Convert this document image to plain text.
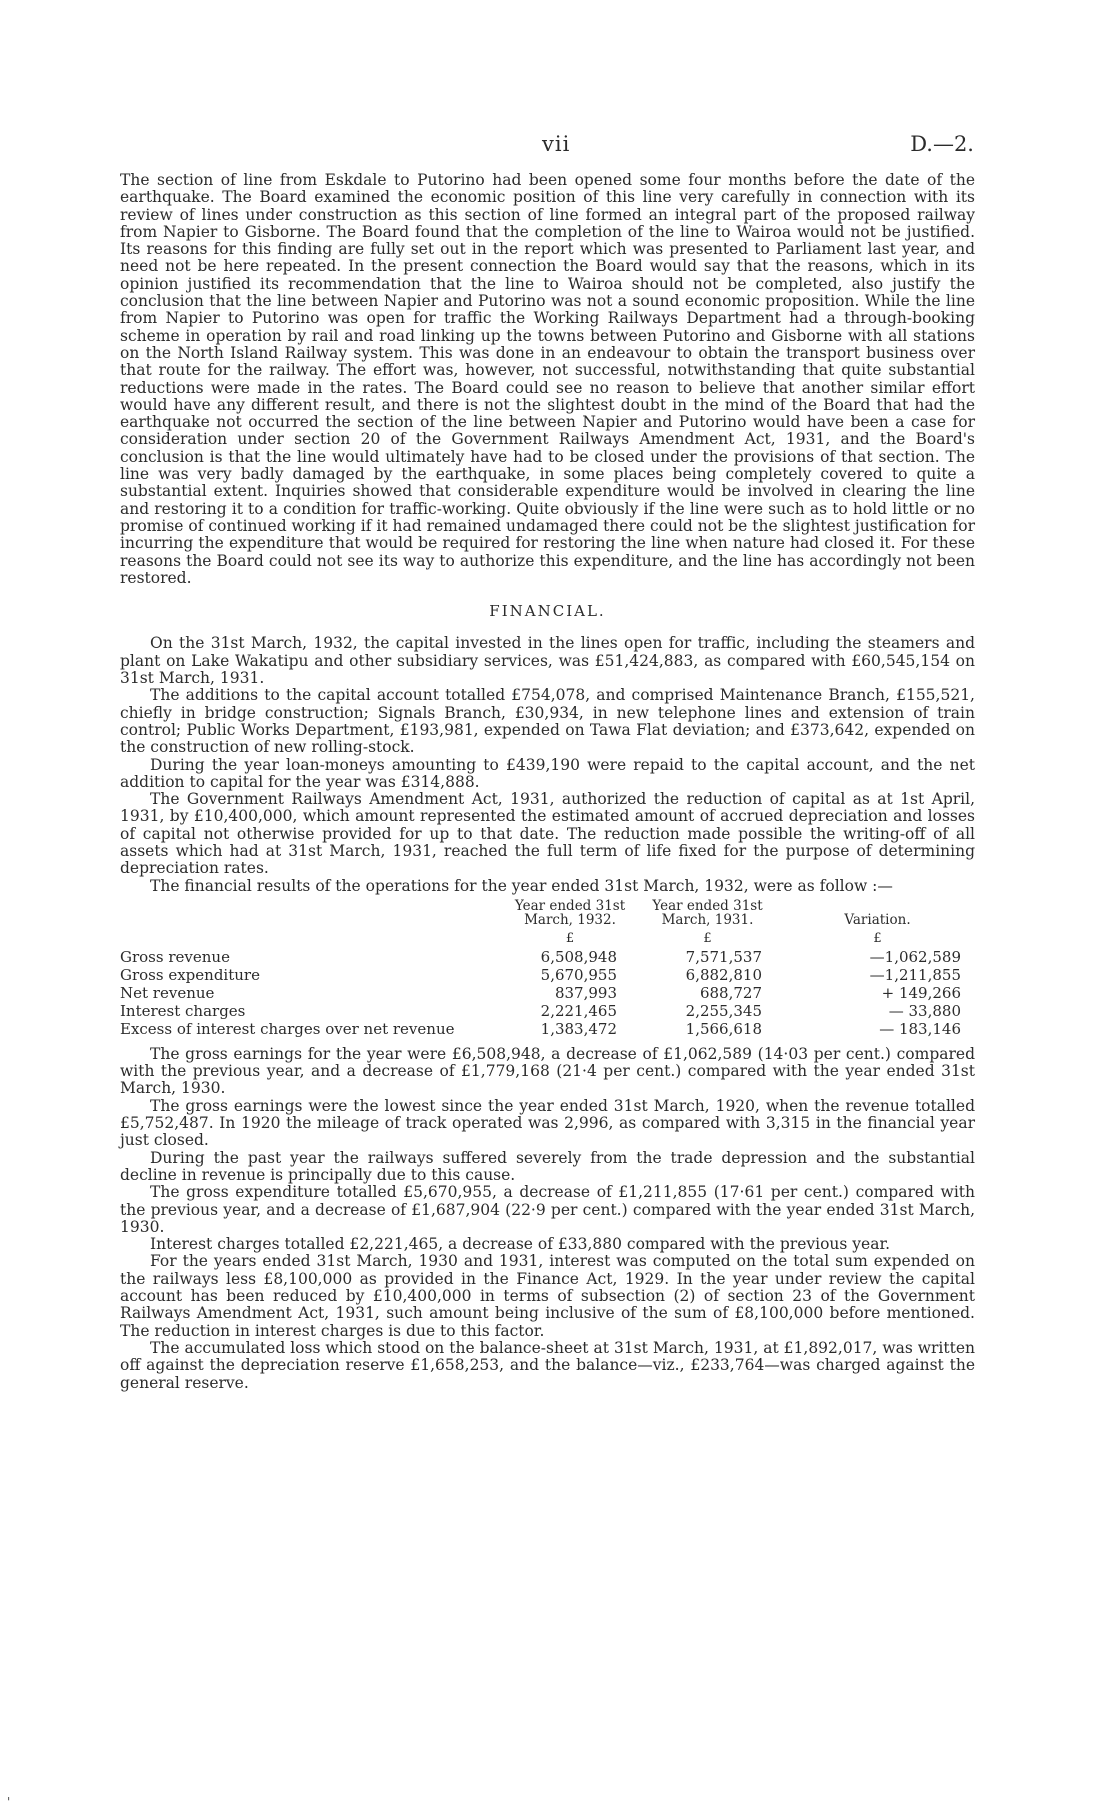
vii	D.—2.

The section of line from Eskdale to Putorino had been opened some four months before the date of the earthquake. The Board examined the economic position of this line very carefully in connection with its review of lines under construction as this section of line formed an integral part of the proposed railway from Napier to Gisborne. The Board found that the completion of the line to Wairoa would not be justified. Its reasons for this finding are fully set out in the report which was presented to Parliament last year, and need not be here repeated. In the present connection the Board would say that the reasons, which in its opinion justified its recommendation that the line to Wairoa should not be completed, also justify the conclusion that the line between Napier and Putorino was not a sound economic proposition. While the line from Napier to Putorino was open for traffic the Working Railways Department had a through-booking scheme in operation by rail and road linking up the towns between Putorino and Gisborne with all stations on the North Island Railway system. This was done in an endeavour to obtain the transport business over that route for the railway. The effort was, however, not successful, notwithstanding that quite substantial reductions were made in the rates. The Board could see no reason to believe that another similar effort would have any different result, and there is not the slightest doubt in the mind of the Board that had the earthquake not occurred the section of the line between Napier and Putorino would have been a case for consideration under section 20 of the Government Railways Amendment Act, 1931, and the Board's conclusion is that the line would ultimately have had to be closed under the provisions of that section. The line was very badly damaged by the earthquake, in some places being completely covered to quite a substantial extent. Inquiries showed that considerable expenditure would be involved in clearing the line and restoring it to a condition for traffic-working. Quite obviously if the line were such as to hold little or no promise of continued working if it had remained undamaged there could not be the slightest justification for incurring the expenditure that would be required for restoring the line when nature had closed it. For these reasons the Board could not see its way to authorize this expenditure, and the line has accordingly not been restored.

FINANCIAL.

On the 31st March, 1932, the capital invested in the lines open for traffic, including the steamers and plant on Lake Wakatipu and other subsidiary services, was £51,424,883, as compared with £60,545,154 on 31st March, 1931.

The additions to the capital account totalled £754,078, and comprised Maintenance Branch, £155,521, chiefly in bridge construction; Signals Branch, £30,934, in new telephone lines and extension of train control; Public Works Department, £193,981, expended on Tawa Flat deviation; and £373,642, expended on the construction of new rolling-stock.

During the year loan-moneys amounting to £439,190 were repaid to the capital account, and the net addition to capital for the year was £314,888.

The Government Railways Amendment Act, 1931, authorized the reduction of capital as at 1st April, 1931, by £10,400,000, which amount represented the estimated amount of accrued depreciation and losses of capital not otherwise provided for up to that date. The reduction made possible the writing-off of all assets which had at 31st March, 1931, reached the full term of life fixed for the purpose of determining depreciation rates.

The financial results of the operations for the year ended 31st March, 1932, were as follow :—

	Year ended 31st March, 1932.	Year ended 31st March, 1931.	Variation.
	£	£	£
Gross revenue	6,508,948	7,571,537	—1,062,589
Gross expenditure	5,670,955	6,882,810	—1,211,855
Net revenue	837,993	688,727	+ 149,266
Interest charges	2,221,465	2,255,345	— 33,880
Excess of interest charges over net revenue	1,383,472	1,566,618	— 183,146

The gross earnings for the year were £6,508,948, a decrease of £1,062,589 (14·03 per cent.) compared with the previous year, and a decrease of £1,779,168 (21·4 per cent.) compared with the year ended 31st March, 1930.

The gross earnings were the lowest since the year ended 31st March, 1920, when the revenue totalled £5,752,487. In 1920 the mileage of track operated was 2,996, as compared with 3,315 in the financial year just closed.

During the past year the railways suffered severely from the trade depression and the substantial decline in revenue is principally due to this cause.

The gross expenditure totalled £5,670,955, a decrease of £1,211,855 (17·61 per cent.) compared with the previous year, and a decrease of £1,687,904 (22·9 per cent.) compared with the year ended 31st March, 1930.

Interest charges totalled £2,221,465, a decrease of £33,880 compared with the previous year.

For the years ended 31st March, 1930 and 1931, interest was computed on the total sum expended on the railways less £8,100,000 as provided in the Finance Act, 1929. In the year under review the capital account has been reduced by £10,400,000 in terms of subsection (2) of section 23 of the Government Railways Amendment Act, 1931, such amount being inclusive of the sum of £8,100,000 before mentioned. The reduction in interest charges is due to this factor.

The accumulated loss which stood on the balance-sheet at 31st March, 1931, at £1,892,017, was written off against the depreciation reserve £1,658,253, and the balance—viz., £233,764—was charged against the general reserve.

'
